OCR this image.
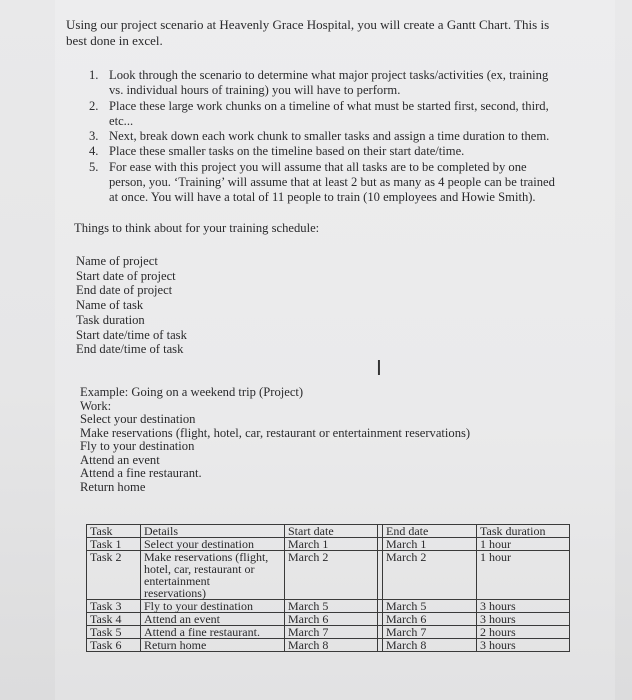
Using our project scenario at Heavenly Grace Hospital, you will create a Gantt Chart. This is
best done in excel.
1. Look through the scenario to determine what major project tasks/activities (ex, training
vs. individual hours of training) you will have to perform.
2. Place these large work chunks on a timeline of what must be started first, second, third,
etc...
3. Next, break down each work chunk to smaller tasks and assign a time duration to them.
4. Place these smaller tasks on the timeline based on their start date/time.
5. For ease with this project you will assume that all tasks are to be completed by one
person, you. ‘Training’ will assume that at least 2 but as many as 4 people can be trained
at once. You will have a total of 11 people to train (10 employees and Howie Smith).
Things to think about for your training schedule:
Name of project
Start date of project
End date of project
Name of task
Task duration
Start date/time of task
End date/time of task
I
Example: Going on a weekend trip (Project)
Work:
Select your destination
Make reservations (flight, hotel, car, restaurant or entertainment reservations)
Fly to your destination
Attend an event
Attend a fine restaurant.
Return home
Task	Details	Start date		End date	Task duration

Task 1	Select your destination	March 1		March 1	1 hour

Task 2	Make reservations (flight,
hotel, car, restaurant or
entertainment
reservations)	March 2		March 2	1 hour

Task 3	Fly to your destination	March 5		March 5	3 hours

Task 4	Attend an event	March 6		March 6	3 hours

Task 5	Attend a fine restaurant.	March 7		March 7	2 hours

Task 6	Return home	March 8		March 8	3 hours
